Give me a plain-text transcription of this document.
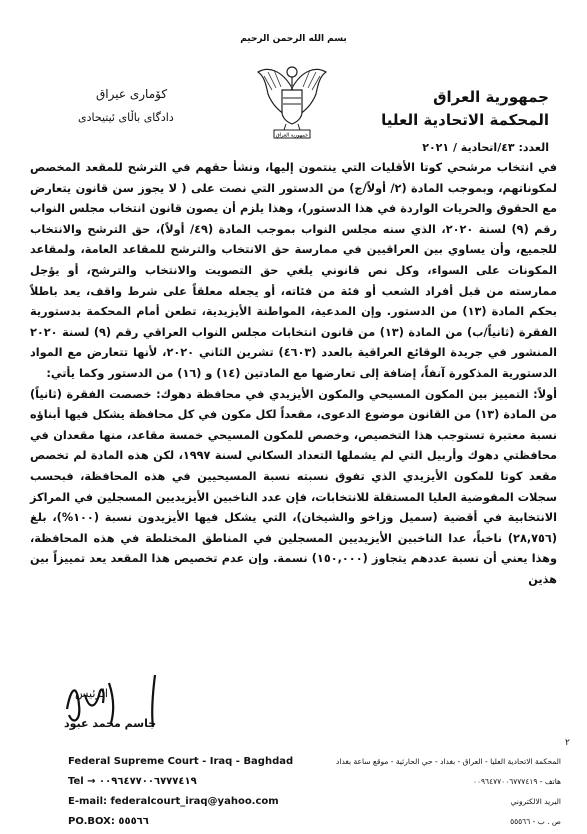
بسم الله الرحمن الرحيم
جمهورية العراق
المحكمة الاتحادية العليا
كۆماری عیراق
دادگای باڵای ئیتیحادی
جمهورية العراق
العدد: ٤٣/اتحادية / ٢٠٢١

في انتخاب مرشحي كوتا الأقليات التي ينتمون إليها، ونشأ حقهم في الترشح للمقعد المخصص لمكوناتهم، وبموجب المادة (٢/ أولاً/ج) من الدستور التي نصت على ( لا يجوز سن قانون يتعارض مع الحقوق والحريات الواردة في هذا الدستور)، وهذا يلزم أن يصون قانون انتخاب مجلس النواب رقم (٩) لسنة ٢٠٢٠، الذي سنه مجلس النواب بموجب المادة (٤٩/ أولاً)، حق الترشح والانتخاب للجميع، وأن يساوي بين العراقيين في ممارسة حق الانتخاب والترشح للمقاعد العامة، ولمقاعد المكونات على السواء، وكل نص قانوني يلغي حق التصويت والانتخاب والترشح، أو يؤجل ممارسته من قبل أفراد الشعب أو فئة من فئاته، أو يجعله معلقاً على شرط واقف، يعد باطلاً بحكم المادة (١٣) من الدستور. وإن المدعية، المواطنة الأيزيدية، تطعن أمام المحكمة بدستورية الفقرة (ثانياً/ب) من المادة (١٣) من قانون انتخابات مجلس النواب العراقي رقم (٩) لسنة ٢٠٢٠ المنشور في جريدة الوقائع العراقية بالعدد (٤٦٠٣) تشرين الثاني ٢٠٢٠، لأنها تتعارض مع المواد الدستورية المذكورة آنفاً، إضافة إلى تعارضها مع المادتين (١٤) و (١٦) من الدستور وكما يأتي:

أولاً: التمييز بين المكون المسيحي والمكون الأيزيدي في محافظة دهوك: خصصت الفقرة (ثانياً) من المادة (١٣) من القانون موضوع الدعوى، مقعداً لكل مكون في كل محافظة يشكل فيها أبناؤه نسبة معتبرة تستوجب هذا التخصيص، وخصص للمكون المسيحي خمسة مقاعد، منها مقعدان في محافظتي دهوك وأربيل التي لم يشملها التعداد السكاني لسنة ١٩٩٧، لكن هذه المادة لم تخصص مقعد كوتا للمكون الأيزيدي الذي تفوق نسبته نسبة المسيحيين في هذه المحافظة، فبحسب سجلات المفوضية العليا المستقلة للانتخابات، فإن عدد الناخبين الأيزيديين المسجلين في المراكز الانتخابية في أقضية (سميل وزاخو والشيخان)، التي يشكل فيها الأيزيدون نسبة (١٠٠%)، بلغ (٢٨,٧٥٦) ناخباً، عدا الناخبين الأيزيديين المسجلين في المناطق المختلطة في هذه المحافظة، وهذا يعني أن نسبة عددهم يتجاوز (١٥٠,٠٠٠) نسمة. وإن عدم تخصيص هذا المقعد يعد تمييزاً بين هذين

الرئيس
جاسم محمد عبود
٢
Federal Supreme Court - Iraq - Baghdad
Tel → ٠٠٩٦٤٧٧٠٠٦٧٧٧٤١٩
E-mail: federalcourt_iraq@yahoo.com
PO.BOX: ٥٥٥٦٦
المحكمة الاتحادية العليا - العراق - بغداد - حي الحارثية - موقع ساعة بغداد
هاتف - ٠٠٩٦٤٧٧٠٠٦٧٧٧٤١٩
البريد الالكتروني
ص . ب - ٥٥٥٦٦
